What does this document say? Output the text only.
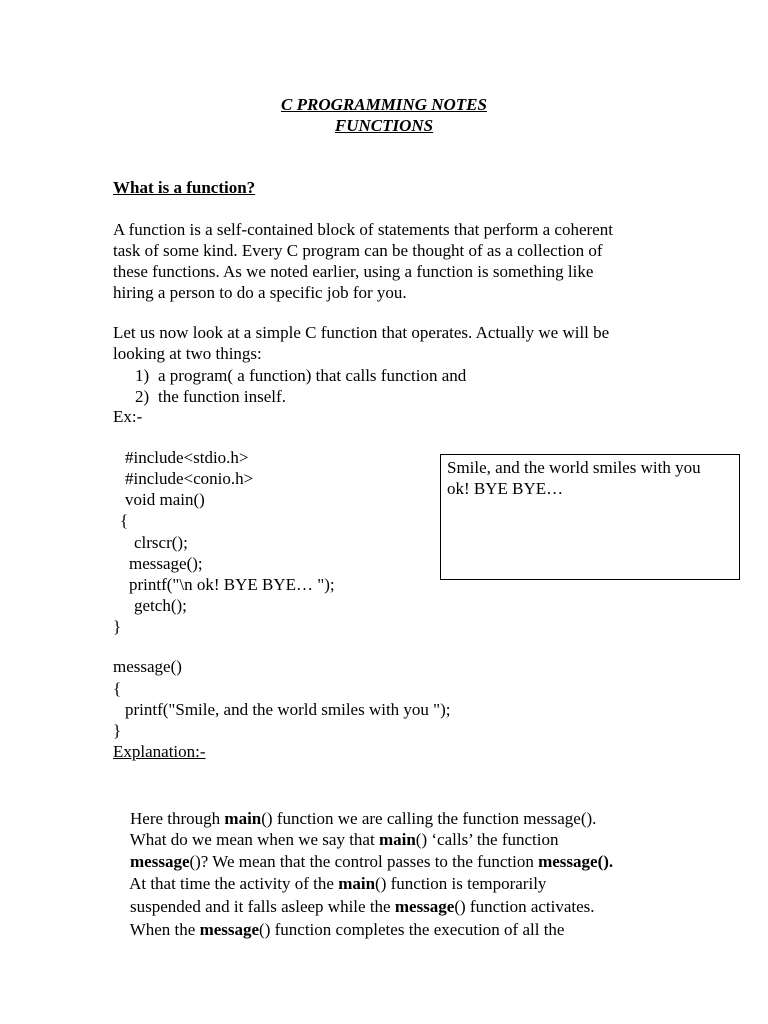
C PROGRAMMING NOTES
FUNCTIONS
What is a function?
A function is a self-contained block of statements that perform a coherent
task of some kind. Every C program can be thought of as a collection of
these functions. As we noted earlier, using a function is something like
hiring a person to do a specific job for you.
Let us now look at a simple C function that operates. Actually we will be
looking at two things:
1) a program( a function) that calls function and
2) the function inself.
Ex:-
#include<stdio.h>
#include<conio.h>
void main()
{
clrscr();
message();
printf("\n ok! BYE BYE… ");
getch();
}
Smile, and the world smiles with you
ok! BYE BYE…
message()
{
printf("Smile, and the world smiles with you ");
}
Explanation:-

Here through main() function we are calling the function message().

What do we mean when we say that main() ‘calls’ the function

message()? We mean that the control passes to the function message().

At that time the activity of the main() function is temporarily

suspended and it falls asleep while the message() function activates.

When the message() function completes the execution of all the
